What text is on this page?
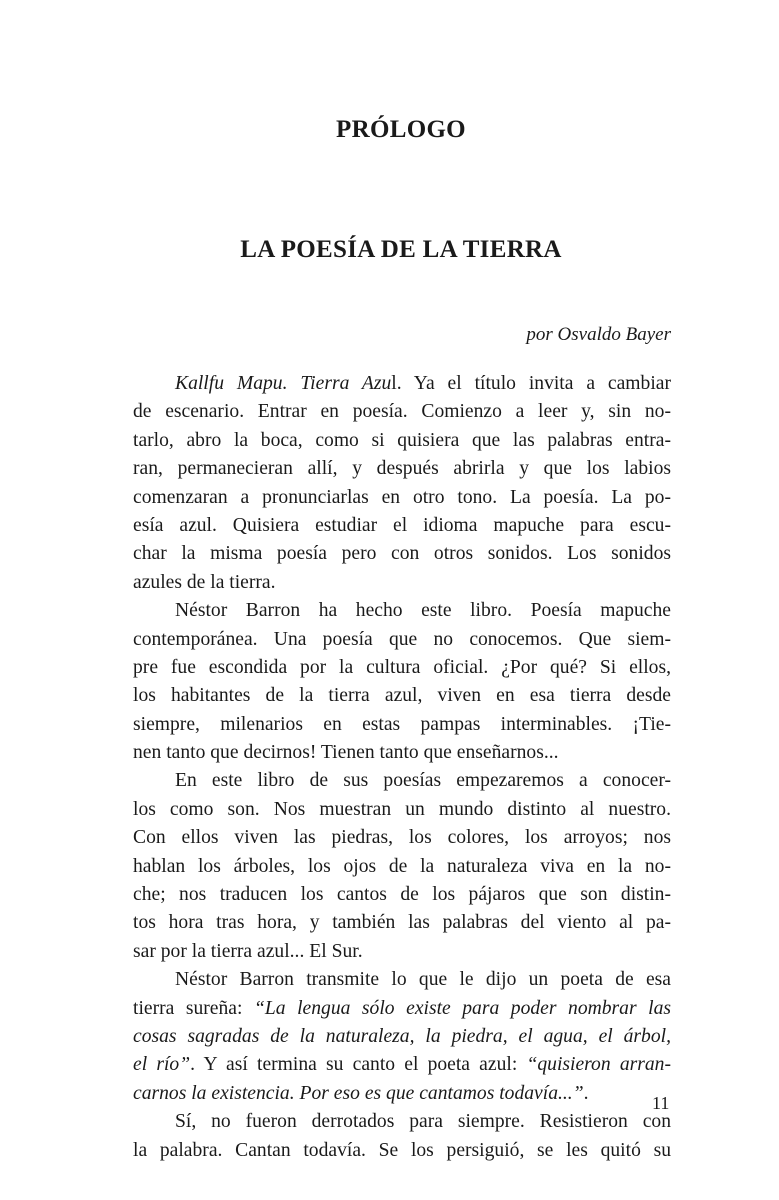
PRÓLOGO
LA POESÍA DE LA TIERRA
por Osvaldo Bayer
Kallfu Mapu. Tierra Azul. Ya el título invita a cambiar
de escenario. Entrar en poesía. Comienzo a leer y, sin no-
tarlo, abro la boca, como si quisiera que las palabras entra-
ran, permanecieran allí, y después abrirla y que los labios
comenzaran a pronunciarlas en otro tono. La poesía. La po-
esía azul. Quisiera estudiar el idioma mapuche para escu-
char la misma poesía pero con otros sonidos. Los sonidos
azules de la tierra.
Néstor Barron ha hecho este libro. Poesía mapuche
contemporánea. Una poesía que no conocemos. Que siem-
pre fue escondida por la cultura oficial. ¿Por qué? Si ellos,
los habitantes de la tierra azul, viven en esa tierra desde
siempre, milenarios en estas pampas interminables. ¡Tie-
nen tanto que decirnos! Tienen tanto que enseñarnos...
En este libro de sus poesías empezaremos a conocer-
los como son. Nos muestran un mundo distinto al nuestro.
Con ellos viven las piedras, los colores, los arroyos; nos
hablan los árboles, los ojos de la naturaleza viva en la no-
che; nos traducen los cantos de los pájaros que son distin-
tos hora tras hora, y también las palabras del viento al pa-
sar por la tierra azul... El Sur.
Néstor Barron transmite lo que le dijo un poeta de esa
tierra sureña: “La lengua sólo existe para poder nombrar las
cosas sagradas de la naturaleza, la piedra, el agua, el árbol,
el río”. Y así termina su canto el poeta azul: “quisieron arran-
carnos la existencia. Por eso es que cantamos todavía...”.
Sí, no fueron derrotados para siempre. Resistieron con
la palabra. Cantan todavía. Se los persiguió, se les quitó su
11
